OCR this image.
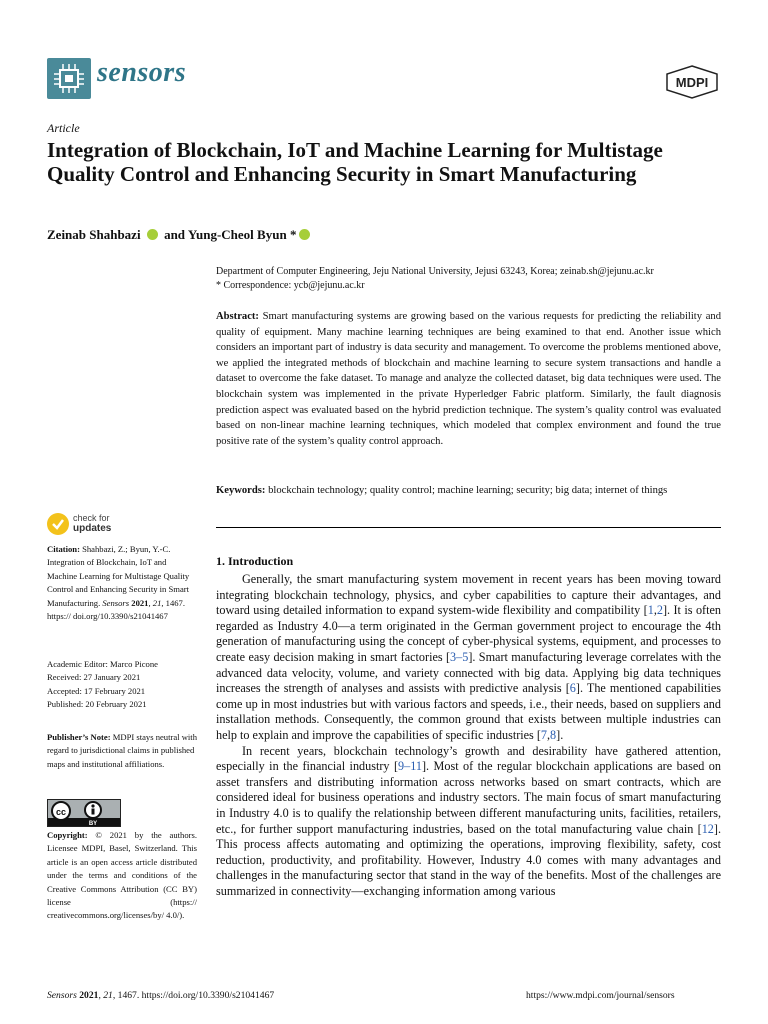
sensors	MDPI
Article
Integration of Blockchain, IoT and Machine Learning for Multistage Quality Control and Enhancing Security in Smart Manufacturing
Zeinab Shahbazi  and Yung-Cheol Byun *
Department of Computer Engineering, Jeju National University, Jejusi 63243, Korea; zeinab.sh@jejunu.ac.kr
* Correspondence: ycb@jejunu.ac.kr
Abstract: Smart manufacturing systems are growing based on the various requests for predicting the reliability and quality of equipment. Many machine learning techniques are being examined to that end. Another issue which considers an important part of industry is data security and management. To overcome the problems mentioned above, we applied the integrated methods of blockchain and machine learning to secure system transactions and handle a dataset to overcome the fake dataset. To manage and analyze the collected dataset, big data techniques were used. The blockchain system was implemented in the private Hyperledger Fabric platform. Similarly, the fault diagnosis prediction aspect was evaluated based on the hybrid prediction technique. The system’s quality control was evaluated based on non-linear machine learning techniques, which modeled that complex environment and found the true positive rate of the system’s quality control approach.
Keywords: blockchain technology; quality control; machine learning; security; big data; internet of things
check for
updates
Citation: Shahbazi, Z.; Byun, Y.-C. Integration of Blockchain, IoT and Machine Learning for Multistage Quality Control and Enhancing Security in Smart Manufacturing. Sensors 2021, 21, 1467. https:// doi.org/10.3390/s21041467
Academic Editor: Marco Picone
Received: 27 January 2021
Accepted: 17 February 2021
Published: 20 February 2021
Publisher’s Note: MDPI stays neutral with regard to jurisdictional claims in published maps and institutional affiliations.
cc
BY
Copyright: © 2021 by the authors. Licensee MDPI, Basel, Switzerland. This article is an open access article distributed under the terms and conditions of the Creative Commons Attribution (CC BY) license (https:// creativecommons.org/licenses/by/ 4.0/).
1. Introduction

Generally, the smart manufacturing system movement in recent years has been moving toward integrating blockchain technology, physics, and cyber capabilities to capture their advantages, and toward using detailed information to expand system-wide flexibility and compatibility [1,2]. It is often regarded as Industry 4.0—a term originated in the German government project to encourage the 4th generation of manufacturing using the concept of cyber-physical systems, equipment, and processes to create easy decision making in smart factories [3–5]. Smart manufacturing leverage correlates with the advanced data velocity, volume, and variety connected with big data. Applying big data techniques increases the strength of analyses and assists with predictive analysis [6]. The mentioned capabilities come up in most industries but with various factors and speeds, i.e., their needs, based on suppliers and installation methods. Consequently, the common ground that exists between multiple industries can help to explain and improve the capabilities of specific industries [7,8].

In recent years, blockchain technology’s growth and desirability have gathered attention, especially in the financial industry [9–11]. Most of the regular blockchain applications are based on asset transfers and distributing information across networks based on smart contracts, which are considered ideal for business operations and industry sectors. The main focus of smart manufacturing in Industry 4.0 is to qualify the relationship between different manufacturing units, facilities, retailers, etc., for further support manufacturing industries, based on the total manufacturing value chain [12]. This process affects automating and optimizing the operations, improving flexibility, safety, cost reduction, productivity, and profitability. However, Industry 4.0 comes with many advantages and challenges in the manufacturing sector that stand in the way of the benefits. Most of the challenges are summarized in connectivity—exchanging information among various

Sensors 2021, 21, 1467. https://doi.org/10.3390/s21041467	https://www.mdpi.com/journal/sensors
